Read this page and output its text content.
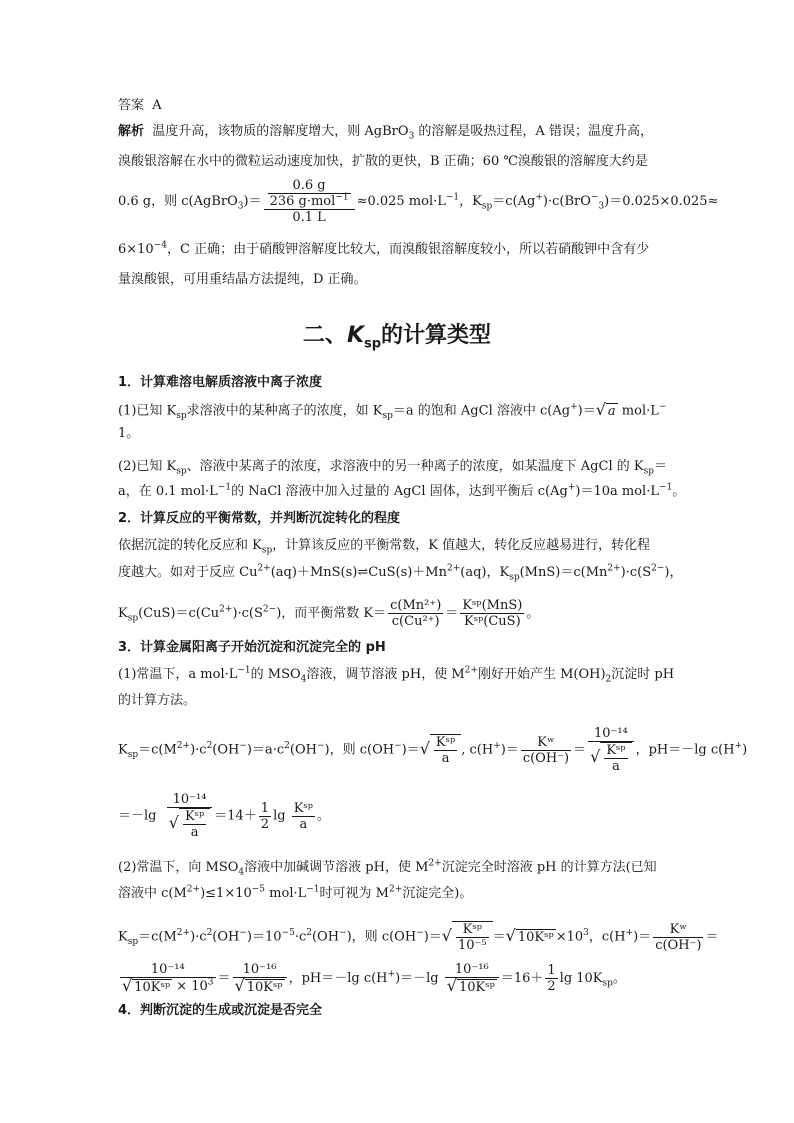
答案 A
解析 温度升高，该物质的溶解度增大，则 AgBrO$_3$ 的溶解是吸热过程，A 错误；温度升高，
溴酸银溶解在水中的微粒运动速度加快，扩散的更快，B 正确；60 ℃溴酸银的溶解度大约是
0.6 g，则 c(AgBrO$_3$)＝ $\frac{\frac{0.6 g}{236 g\cdot mol^{-1}}}{0.1 L} \approx 0.025$ $mol\cdot L^{-1}$，$K_{sp}=c(Ag^+)\cdot c(BrO^-_3)=0.025\times 0.025\approx$
$6\times 10^{-4}$，C 正确；由于硝酸钾溶解度比较大，而溴酸银溶解度较小，所以若硝酸钾中含有少
量溴酸银，可用重结晶方法提纯，D 正确。
二、$K_{sp}$的计算类型
1．计算难溶电解质溶液中离子浓度
(1)已知 $K_{sp}$求溶液中的某种离子的浓度，如 $K_{sp}=a$ 的饱和 AgCl 溶液中 c(Ag+)＝√ a mol·L−
1。
(2)已知 $K_{sp}$、溶液中某离子的浓度，求溶液中的另一种离子的浓度，如某温度下 AgCl 的 $K_{sp}=$
a，在 0.1 $mol\cdot L^{-1}$的 NaCl 溶液中加入过量的 AgCl 固体，达到平衡后 c(Ag+)＝10a $mol\cdot L^{-1}$。
2．计算反应的平衡常数，并判断沉淀转化的程度
依据沉淀的转化反应和 $K_{sp}$，计算该反应的平衡常数，K 值越大，转化反应越易进行，转化程
度越大。如对于反应 $Cu^{2+}(aq)+MnS(s)\rightleftharpoons CuS(s)+Mn^{2+}(aq)$，$K_{sp}(MnS)=c(Mn^{2+})\cdot c(S^{2-})$，
$K_{sp}(CuS)=c(Cu^{2+})\cdot c(S^{2-})$，而平衡常数 $K= \frac{\text{c(Mn²⁺)}}{\text{c(Cu²⁺)}} = \frac{\text{Kˢᵖ(MnS)}}{\text{Kˢᵖ(CuS)}}$ 。
3．计算金属阳离子开始沉淀和沉淀完全的 pH
(1)常温下，a $mol\cdot L^{-1}$的 $MSO_4$溶液，调节溶液 pH，使 $M^{2+}$刚好开始产生 $M(OH)_2$沉淀时 pH
的计算方法。
$K_{sp}=c(M^{2+})\cdot c^2(OH^-)=a\cdot c^2(OH^-)$，则 $c(OH^-)=√ \frac{\text{Kˢᵖ}}{a}$ , $c(H^+)= \frac{\text{Kʷ}}{c(OH^-)} = \frac{\text{10⁻¹⁴}}{√ \frac{\text{Kˢᵖ}}{a}}$ ，pH＝－lg c(H+)
$=-\lg \frac{\text{10⁻¹⁴}}{√ \frac{\text{Kˢᵖ}}{a}} =14+ \frac{1}{2}$ $\lg \frac{\text{Kˢᵖ}}{a}$ 。
(2)常温下，向 $MSO_4$溶液中加碱调节溶液 pH，使 $M^{2+}$沉淀完全时溶液 pH 的计算方法(已知
溶液中 $c(M^{2+})\le 1\times 10^{-5}$ $mol\cdot L^{-1}$时可视为 $M^{2+}$沉淀完全)。
$K_{sp}=c(M^{2+})\cdot c^2(OH^-)=10^{-5}\cdot c^2(OH^-)$，则 $c(OH^-)=√ \frac{\text{Kˢᵖ}}{\text{10⁻⁵}}$ ＝√ 10Kˢᵖ $\times 10^3$，$c(H^+)= \frac{\text{Kʷ}}{c(OH^-)}$ ＝
$\frac{\text{10⁻¹⁴}}{√ 10Kˢᵖ \times 10^3} = \frac{\text{10⁻¹⁶}}{\text{√ 10Kˢᵖ}}$ ，pH＝－lg $c(H^+)=-\lg \frac{\text{10⁻¹⁶}}{\text{√ 10Kˢᵖ}} =16+ \frac{1}{2}$ $\lg 10K_{sp}$。
4．判断沉淀的生成或沉淀是否完全
